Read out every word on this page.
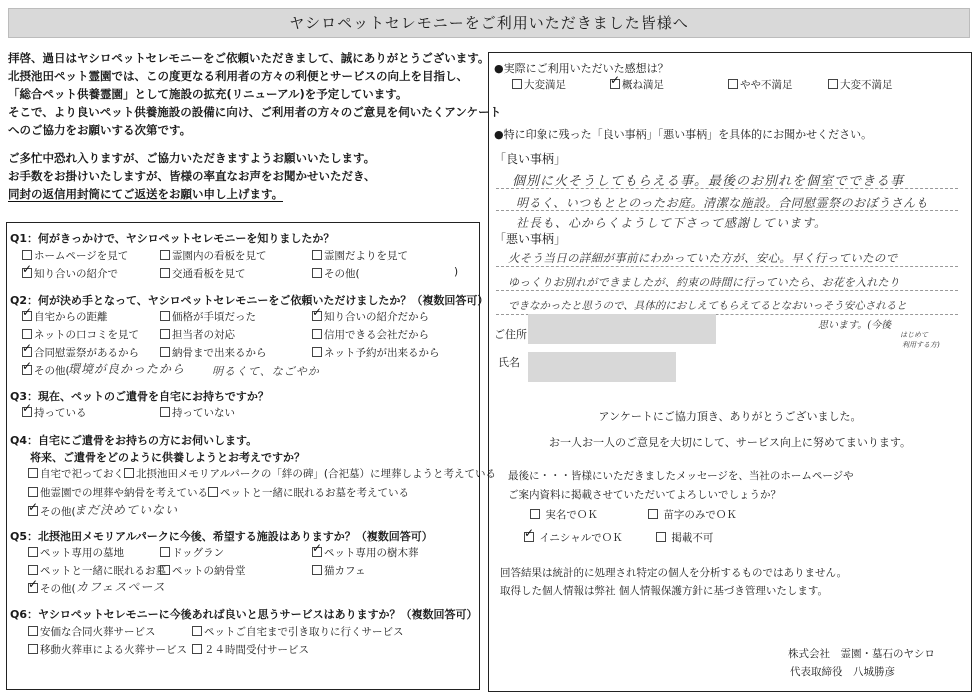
ヤシロペットセレモニーをご利用いただきました皆様へ
拝啓、過日はヤシロペットセレモニーをご依頼いただきまして、誠にありがとうございます。
北摂池田ペット霊園では、この度更なる利用者の方々の利便とサービスの向上を目指し、
「総合ペット供養霊園」として施設の拡充(リニューアル)を予定しています。
そこで、より良いペット供養施設の設備に向け、ご利用者の方々のご意見を伺いたくアンケート
へのご協力をお願いする次第です。
ご多忙中恐れ入りますが、ご協力いただきますようお願いいたします。
お手数をお掛けいたしますが、皆様の率直なお声をお聞かせいただき、
同封の返信用封筒にてご返送をお願い申し上げます。
Q1：何がきっかけで、ヤシロペットセレモニーを知りましたか？
ホームページを見て	霊園内の看板を見て	霊園だよりを見て
✓知り合いの紹介で	交通看板を見て	その他(	)
Q2：何が決め手となって、ヤシロペットセレモニーをご依頼いただけましたか？（複数回答可）
✓自宅からの距離	価格が手頃だった ✓	知り合いの紹介だから
ネットの口コミを見て	担当者の対応	信用できる会社だから
✓合同慰霊祭があるから	納骨まで出来るから	ネット予約が出来るから
✓その他(
環境が良かったから 明るくて、なごやか
Q3：現在、ペットのご遺骨を自宅にお持ちですか？
✓持っている	持っていない
Q4：自宅にご遺骨をお持ちの方にお伺いします。
将来、ご遺骨をどのように供養しようとお考えですか？
自宅で祀っておく	北摂池田メモリアルパークの「絆の碑」(合祀墓）に埋葬しようと考えている
他霊園での埋葬や納骨を考えている	ペットと一緒に眠れるお墓を考えている
✓その他(
まだ決めていない
Q5：北摂池田メモリアルパークに今後、希望する施設はありますか？（複数回答可）
ペット専用の墓地	ドッグラン ✓	ペット専用の樹木葬
ペットと一緒に眠れるお墓 ペットの納骨堂	猫カフェ
✓その他( カフェスペース
Q6：ヤシロペットセレモニーに今後あれば良いと思うサービスはありますか？（複数回答可）
安価な合同火葬サービス	ペットご自宅まで引き取りに行くサービス
移動火葬車による火葬サービス	２４時間受付サービス
●実際にご利用いただいた感想は？
大変満足 ✓	概ね満足	やや不満足	大変不満足
●特に印象に残った「良い事柄」「悪い事柄」を具体的にお聞かせください。
「良い事柄」
個別に火そうしてもらえる事。最後のお別れを個室でできる事
明るく、いつもととのったお庭。清潔な施設。合同慰霊祭のおぼうさんも
社長も、心からくようして下さって感謝しています。
「悪い事柄」
火そう当日の詳細が事前にわかっていた方が、安心。早く行っていたので
ゆっくりお別れができましたが、約束の時間に行っていたら、お花を入れたり
できなかったと思うので、具体的におしえてもらえてるとなおいっそう安心されると
思います。(今後
はじめて
利用する方)
ご住所
氏名
アンケートにご協力頂き、ありがとうございました。
お一人お一人のご意見を大切にして、サービス向上に努めてまいります。
最後に・・・皆様にいただきましたメッセージを、当社のホームページや
ご案内資料に掲載させていただいてよろしいでしょうか？
実名でＯＫ	苗字のみでＯＫ
✓ イニシャルでＯＫ	掲載不可
回答結果は統計的に処理され特定の個人を分析するものではありません。
取得した個人情報は弊社 個人情報保護方針に基づき管理いたします。
株式会社　霊園・墓石のヤシロ
代表取締役　八城勝彦
